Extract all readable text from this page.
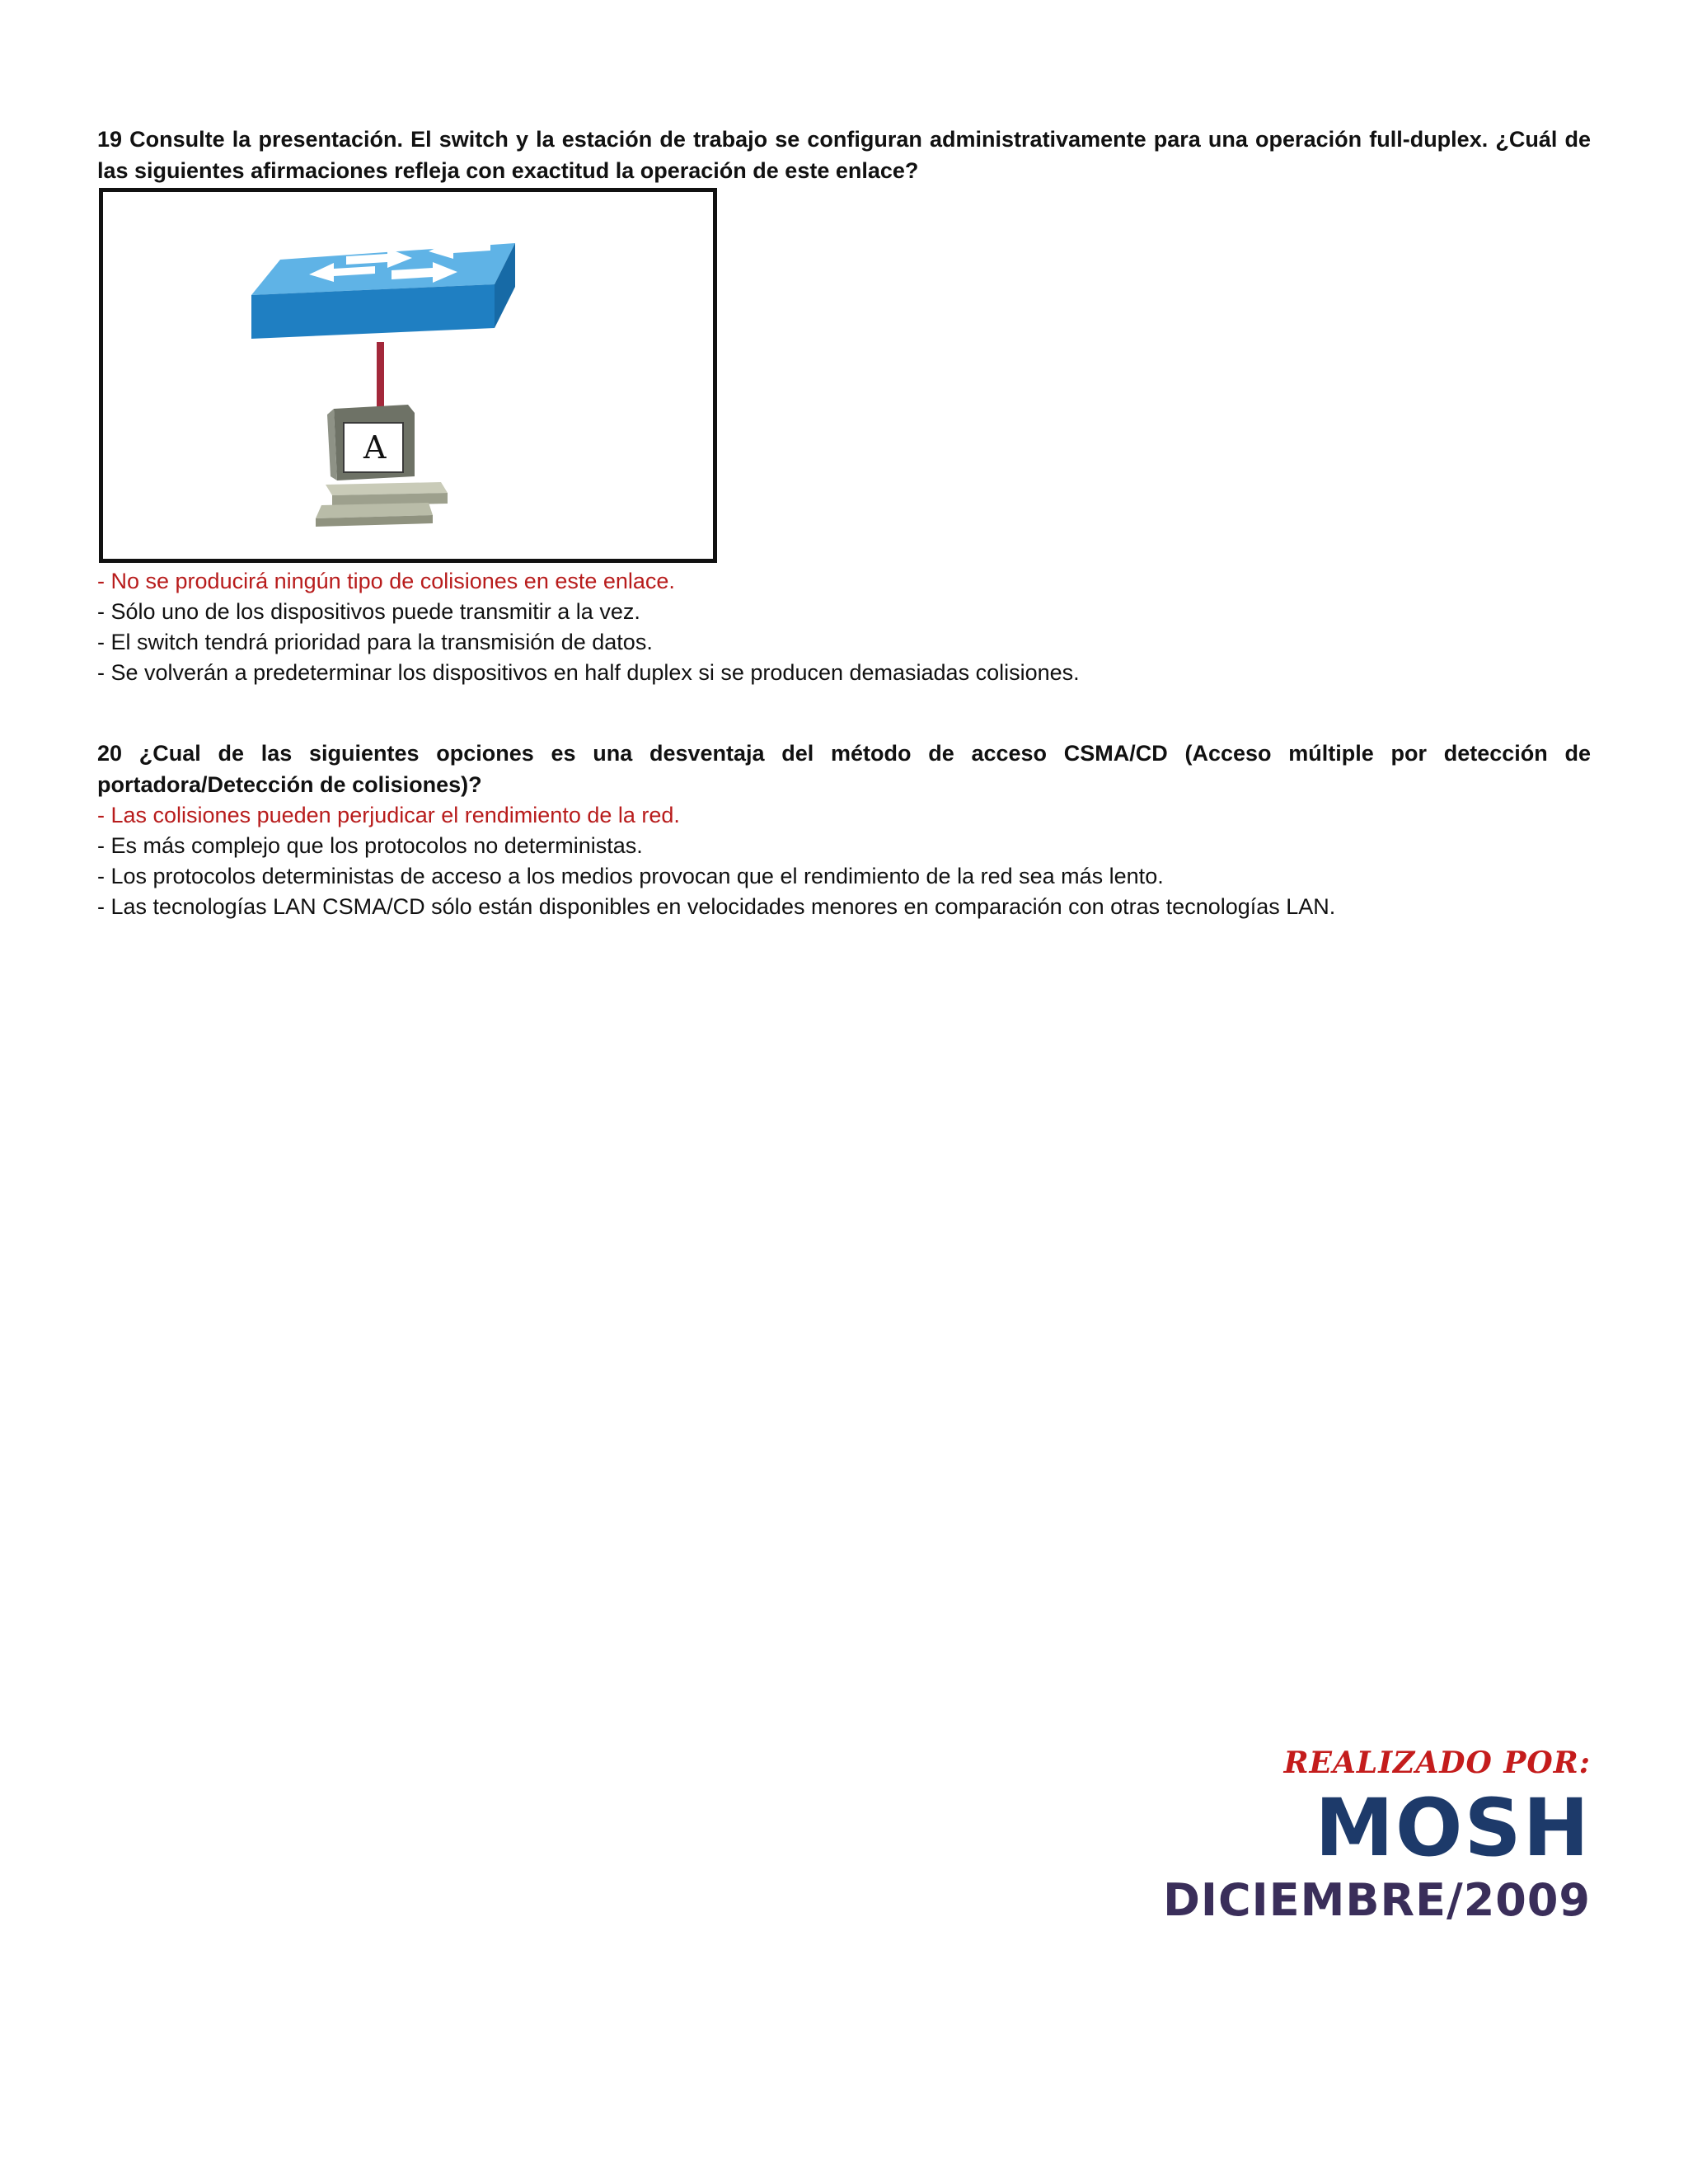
19 Consulte la presentación. El switch y la estación de trabajo se configuran administrativamente para una operación full-duplex. ¿Cuál de las siguientes afirmaciones refleja con exactitud la operación de este enlace?

A
- No se producirá ningún tipo de colisiones en este enlace.
- Sólo uno de los dispositivos puede transmitir a la vez.
- El switch tendrá prioridad para la transmisión de datos.
- Se volverán a predeterminar los dispositivos en half duplex si se producen demasiadas colisiones.

20 ¿Cual de las siguientes opciones es una desventaja del método de acceso CSMA/CD (Acceso múltiple por detección de portadora/Detección de colisiones)?

- Las colisiones pueden perjudicar el rendimiento de la red.
- Es más complejo que los protocolos no deterministas.
- Los protocolos deterministas de acceso a los medios provocan que el rendimiento de la red sea más lento.
- Las tecnologías LAN CSMA/CD sólo están disponibles en velocidades menores en comparación con otras tecnologías LAN.
REALIZADO POR:
MOSH
DICIEMBRE/2009
